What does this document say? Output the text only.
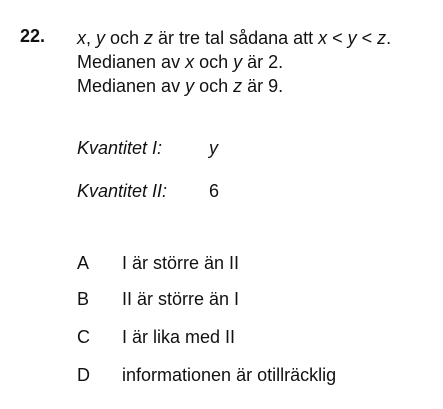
22. x, y och z är tre tal sådana att x < y < z.
Medianen av x och y är 2.
Medianen av y och z är 9.
Kvantitet I:	y
Kvantitet II: 6
A I är större än II
B II är större än I
C I är lika med II
D informationen är otillräcklig
